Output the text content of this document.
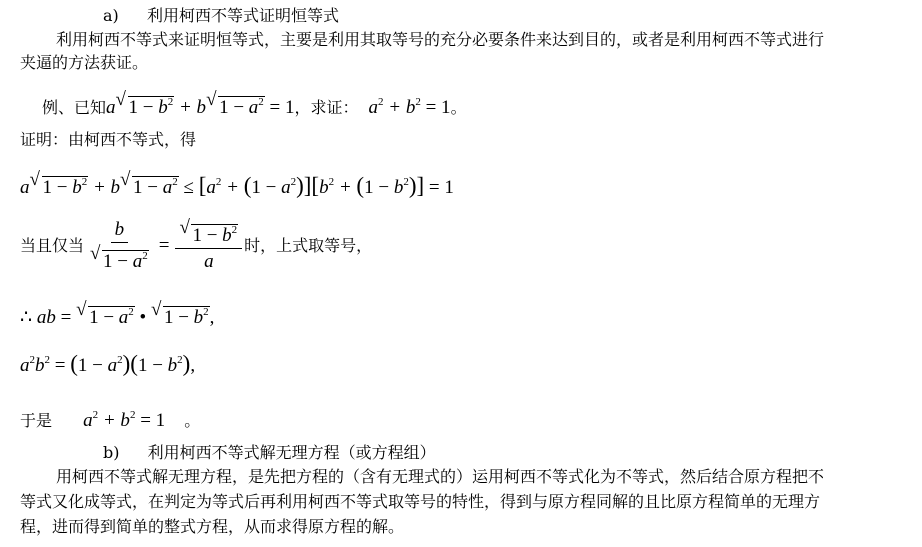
a) 利用柯西不等式证明恒等式
利用柯西不等式来证明恒等式，主要是利用其取等号的充分必要条件来达到目的，或者是利用柯西不等式进行
夹逼的方法获证。
例、已知a√ $1 - b^2 + b√$ $1 - a^2 = 1$，求证： $a^2 + b^2 = 1$。
证明：由柯西不等式，得
a√ $1 - b^2 + b√$ $1 - a^2 \le [a^2 + (1 - a^2)][b^2 + (1 - b^2)] = 1$
当且仅当 b
√ $1 - a^2$ =
√ $\frac{1 - b^2}{a}$ 时，上式取等号，
∴ ab = √ $1 - a^2$ • √ $1 - b^2$,
$a^2b^2 = (1 - a^2)(1 - b^2)$,
于是 $a^2 + b^2 = 1$ 。
b) 利用柯西不等式解无理方程（或方程组）
用柯西不等式解无理方程，是先把方程的（含有无理式的）运用柯西不等式化为不等式，然后结合原方程把不
等式又化成等式，在判定为等式后再利用柯西不等式取等号的特性，得到与原方程同解的且比原方程简单的无理方
程，进而得到简单的整式方程，从而求得原方程的解。
